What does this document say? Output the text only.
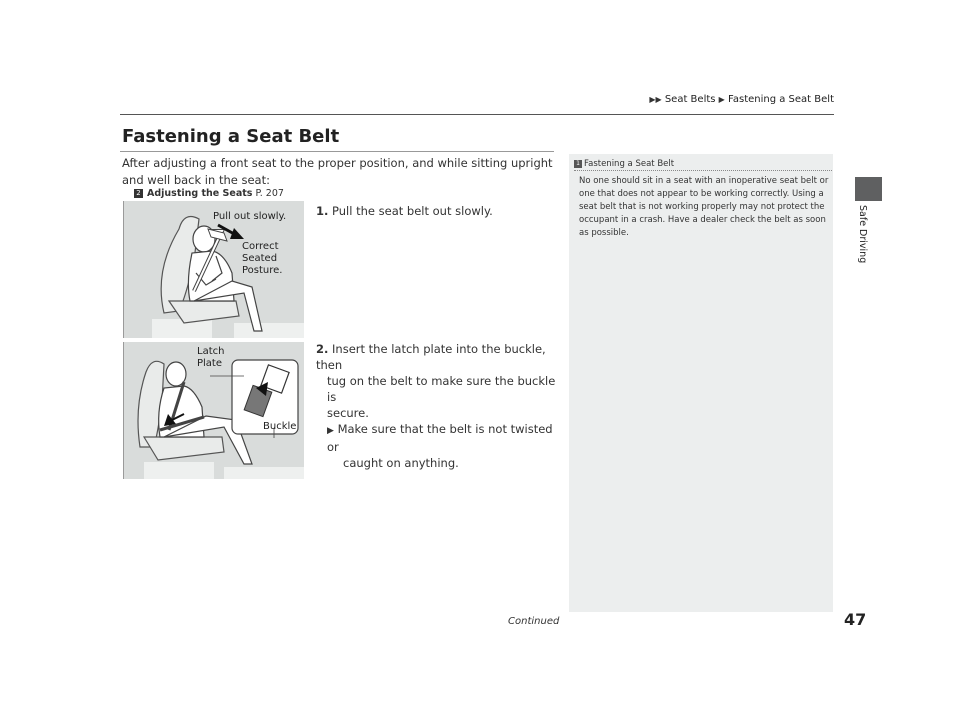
▶▶ Seat Belts ▶ Fastening a Seat Belt
Fastening a Seat Belt
After adjusting a front seat to the proper position, and while sitting upright and well back in the seat:
2 Adjusting the Seats P. 207
Pull out slowly.
Correct
Seated
Posture.
1. Pull the seat belt out slowly.
Latch
Plate
Buckle
2. Insert the latch plate into the buckle, then
tug on the belt to make sure the buckle is
secure.
▶ Make sure that the belt is not twisted or
caught on anything.
1 Fastening a Seat Belt
No one should sit in a seat with an inoperative seat belt or one that does not appear to be working correctly. Using a seat belt that is not working properly may not protect the occupant in a crash. Have a dealer check the belt as soon as possible.	Safe Driving
Continued	47
